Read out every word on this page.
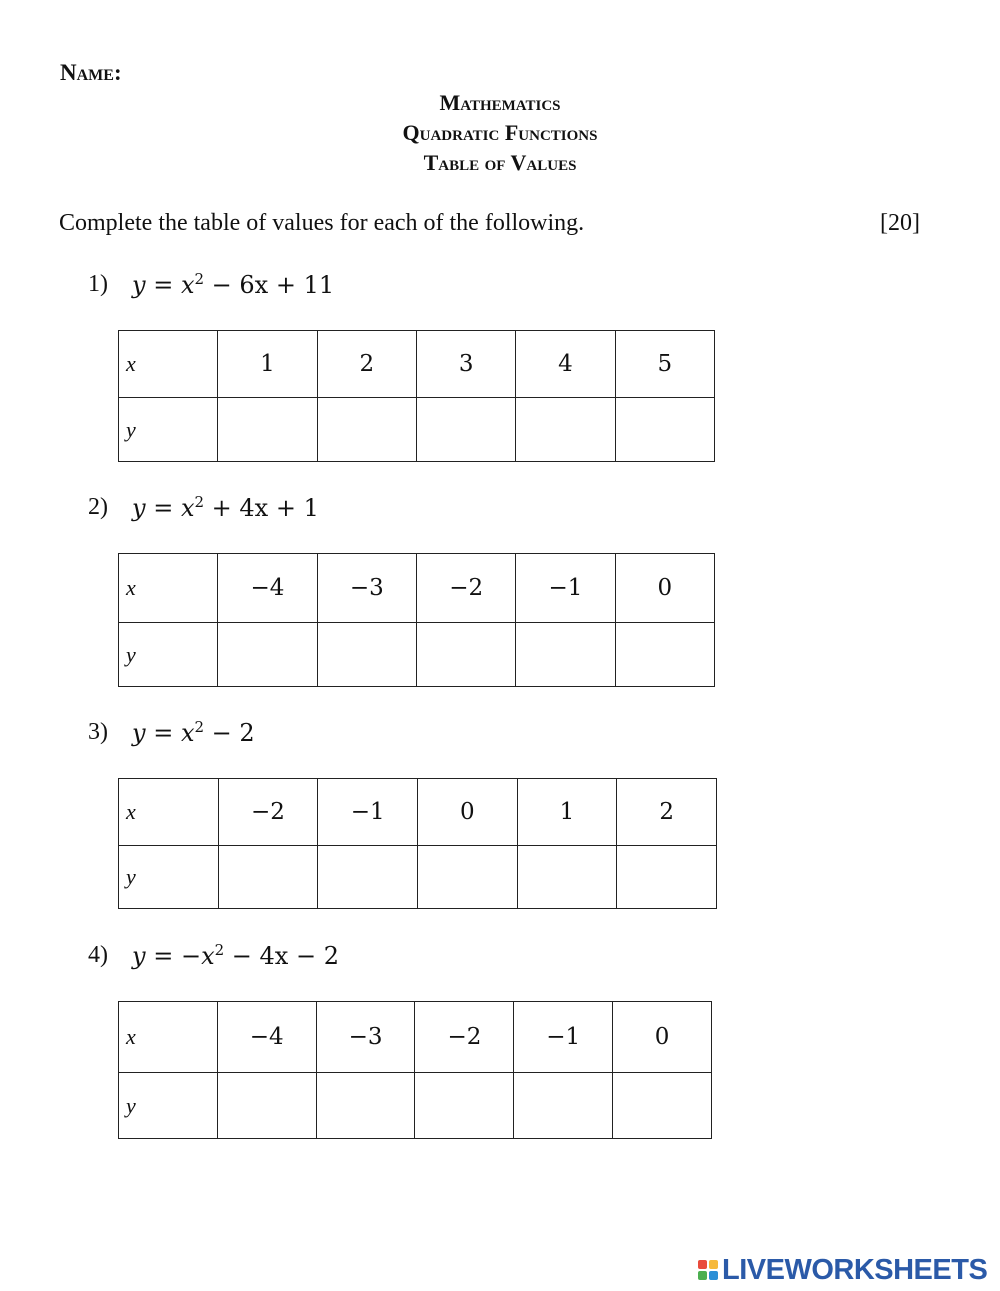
Name:
Mathematics
Quadratic Functions
Table of Values
Complete the table of values for each of the following.	[20]
1) $y = x^2 - 6x + 11$
x	1	2	3	4	5
y					
2) $y = x^2 + 4x + 1$
x	−4	−3	−2	−1	0
y					
3) $y = x^2 - 2$
x	−2	−1	0	1	2
y					
4) $y = -x^2 - 4x - 2$
x	−4	−3	−2	−1	0
y					
LIVEWORKSHEETS
